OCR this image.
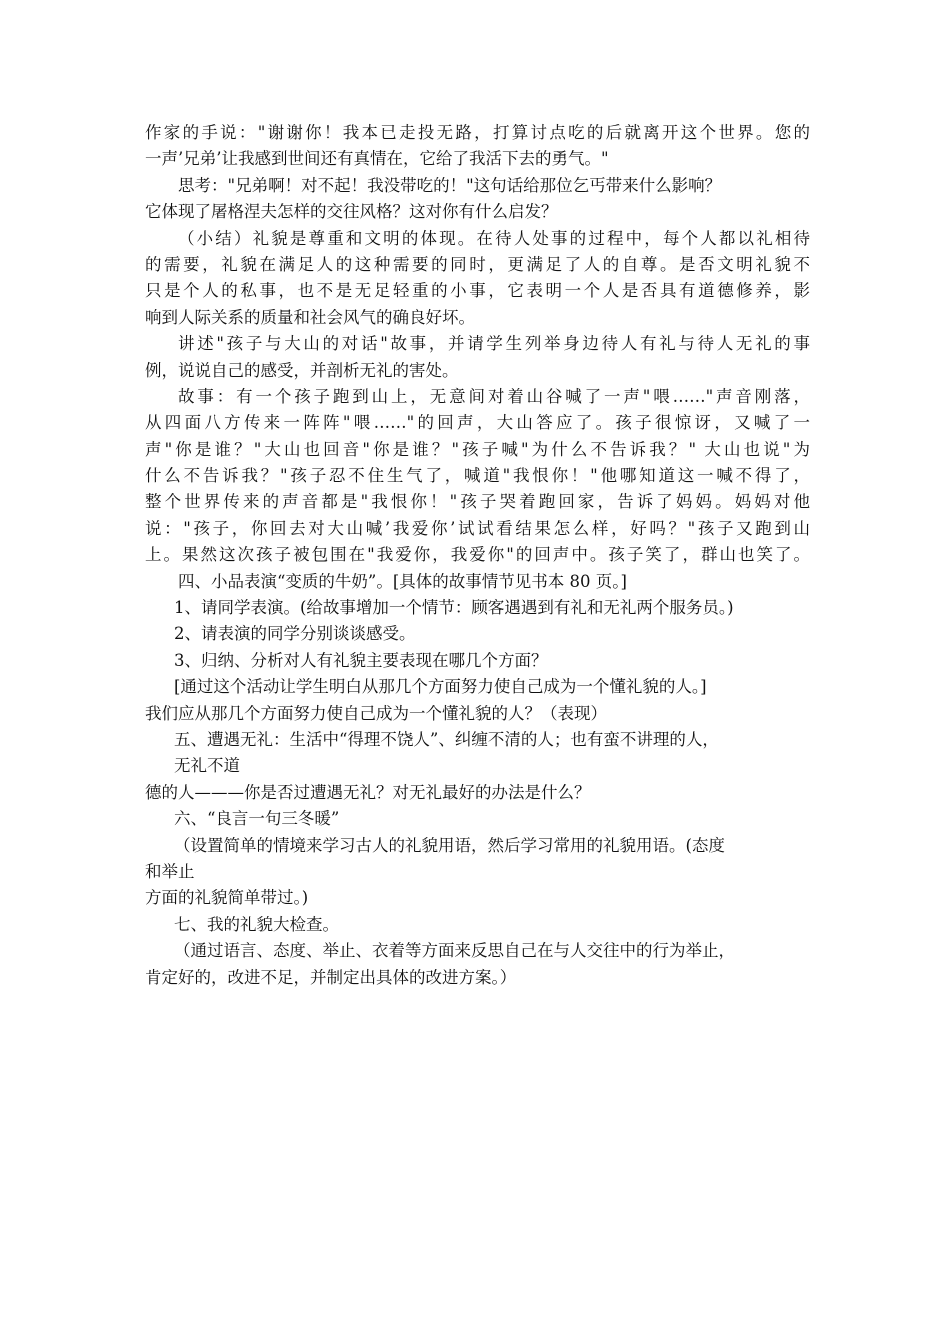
作家的手说："谢谢你！我本已走投无路，打算讨点吃的后就离开这个世界。您的
一声’兄弟’让我感到世间还有真情在，它给了我活下去的勇气。"
思考："兄弟啊！对不起！我没带吃的！"这句话给那位乞丐带来什么影响？
它体现了屠格涅夫怎样的交往风格？这对你有什么启发？
（小结）礼貌是尊重和文明的体现。在待人处事的过程中，每个人都以礼相待
的需要，礼貌在满足人的这种需要的同时，更满足了人的自尊。是否文明礼貌不
只是个人的私事，也不是无足轻重的小事，它表明一个人是否具有道德修养，影
响到人际关系的质量和社会风气的确良好坏。
讲述"孩子与大山的对话"故事，并请学生列举身边待人有礼与待人无礼的事
例，说说自己的感受，并剖析无礼的害处。
故事：有一个孩子跑到山上，无意间对着山谷喊了一声"喂……"声音刚落，
从四面八方传来一阵阵"喂……"的回声，大山答应了。孩子很惊讶，又喊了一
声"你是谁？"大山也回音"你是谁？"孩子喊"为什么不告诉我？" 大山也说"为
什么不告诉我？"孩子忍不住生气了，喊道"我恨你！"他哪知道这一喊不得了，
整个世界传来的声音都是"我恨你！"孩子哭着跑回家，告诉了妈妈。妈妈对他
说："孩子，你回去对大山喊’我爱你’试试看结果怎么样，好吗？"孩子又跑到山
上。果然这次孩子被包围在"我爱你，我爱你"的回声中。孩子笑了，群山也笑了。
四、小品表演“变质的牛奶”。[具体的故事情节见书本 80 页。]
1、请同学表演。(给故事增加一个情节：顾客遇遇到有礼和无礼两个服务员。)
2、请表演的同学分别谈谈感受。
3、归纳、分析对人有礼貌主要表现在哪几个方面？
[通过这个活动让学生明白从那几个方面努力使自己成为一个懂礼貌的人。]
我们应从那几个方面努力使自己成为一个懂礼貌的人？（表现）
五、遭遇无礼：生活中“得理不饶人”、纠缠不清的人；也有蛮不讲理的人，
无礼不道
德的人———你是否过遭遇无礼？对无礼最好的办法是什么？
六、“良言一句三冬暖”
（设置简单的情境来学习古人的礼貌用语，然后学习常用的礼貌用语。(态度
和举止
方面的礼貌简单带过。)
七、我的礼貌大检查。
（通过语言、态度、举止、衣着等方面来反思自己在与人交往中的行为举止，
肯定好的，改进不足，并制定出具体的改进方案。）
